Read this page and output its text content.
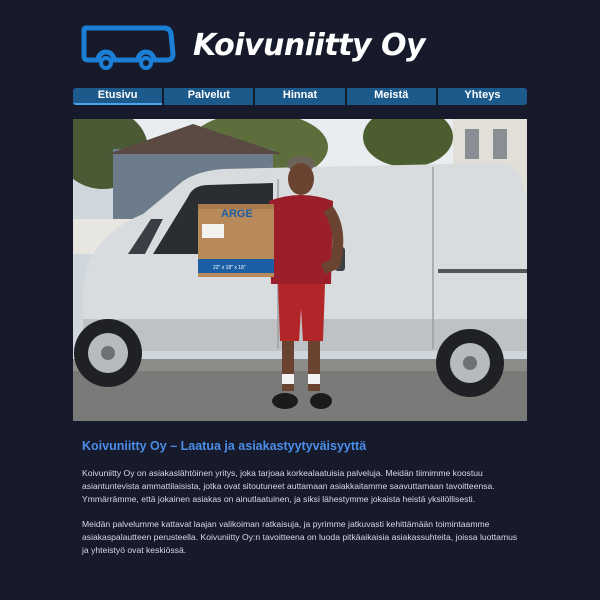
Koivuniitty Oy
Etusivu	Palvelut	Hinnat	Meistä	Yhteys
ARGE
22" x 18" x 18"
Koivuniitty Oy – Laatua ja asiakastyytyväisyyttä

Koivuniitty Oy on asiakaslähtöinen yritys, joka tarjoaa korkealaatuisia palveluja. Meidän tiimimme koostuu asiantuntevista ammattilaisista, jotka ovat sitoutuneet auttamaan asiakkaitamme saavuttamaan tavoitteensa. Ymmärrämme, että jokainen asiakas on ainutlaatuinen, ja siksi lähestymme jokaista heistä yksilöllisesti.

Meidän palvelumme kattavat laajan valikoiman ratkaisuja, ja pyrimme jatkuvasti kehittämään toimintaamme asiakaspalautteen perusteella. Koivuniitty Oy:n tavoitteena on luoda pitkäaikaisia asiakassuhteita, joissa luottamus ja yhteistyö ovat keskiössä.
